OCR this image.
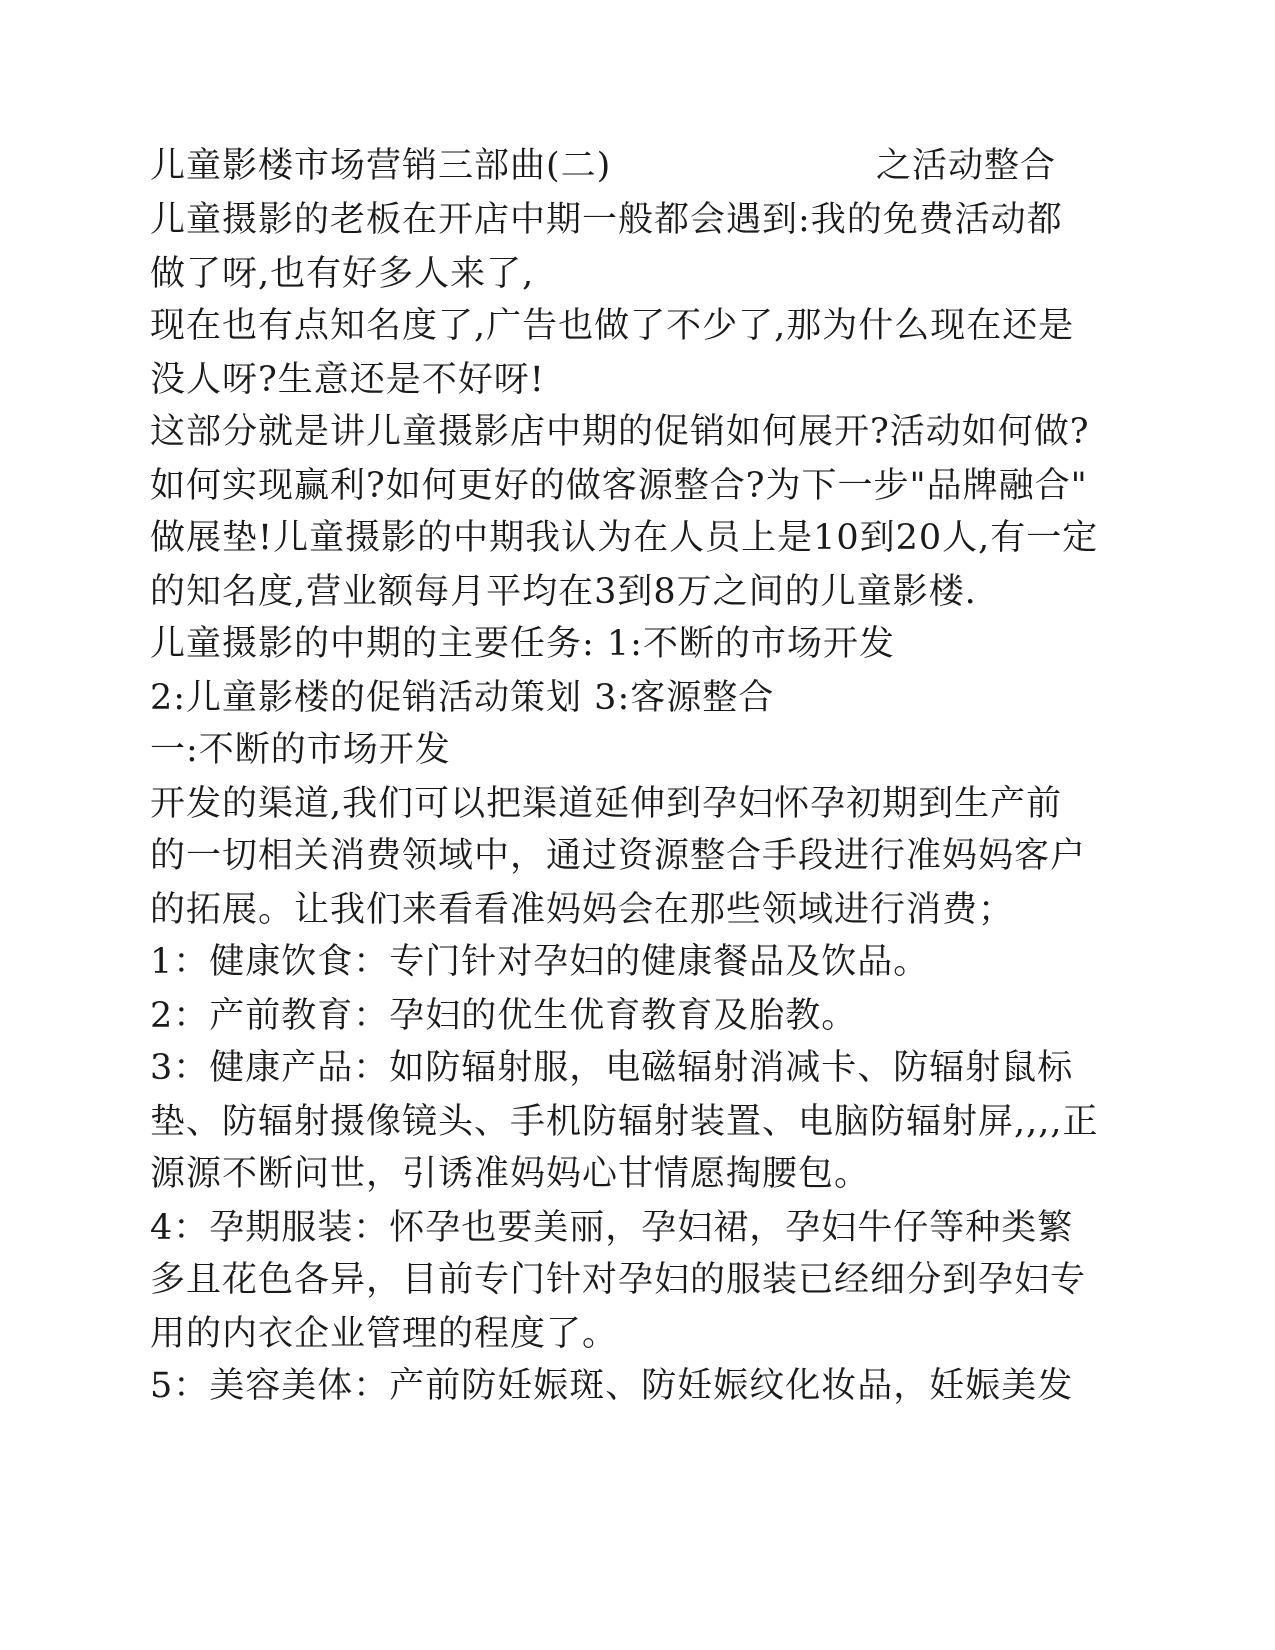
儿童影楼市场营销三部曲(二)	之活动整合
儿童摄影的老板在开店中期一般都会遇到:我的免费活动都
做了呀,也有好多人来了,
现在也有点知名度了,广告也做了不少了,那为什么现在还是
没人呀?生意还是不好呀!
这部分就是讲儿童摄影店中期的促销如何展开?活动如何做?
如何实现赢利?如何更好的做客源整合?为下一步"品牌融合"
做展垫!儿童摄影的中期我认为在人员上是10到20人,有一定
的知名度,营业额每月平均在3到8万之间的儿童影楼.
儿童摄影的中期的主要任务: 1:不断的市场开发
2:儿童影楼的促销活动策划 3:客源整合
一:不断的市场开发
开发的渠道,我们可以把渠道延伸到孕妇怀孕初期到生产前
的一切相关消费领域中，通过资源整合手段进行准妈妈客户
的拓展。让我们来看看准妈妈会在那些领域进行消费；
1：健康饮食：专门针对孕妇的健康餐品及饮品。
2：产前教育：孕妇的优生优育教育及胎教。
3：健康产品：如防辐射服，电磁辐射消减卡、防辐射鼠标
垫、防辐射摄像镜头、手机防辐射装置、电脑防辐射屏,,,,正
源源不断问世，引诱准妈妈心甘情愿掏腰包。
4：孕期服装：怀孕也要美丽，孕妇裙，孕妇牛仔等种类繁
多且花色各异，目前专门针对孕妇的服装已经细分到孕妇专
用的内衣企业管理的程度了。
5：美容美体：产前防妊娠斑、防妊娠纹化妆品，妊娠美发
